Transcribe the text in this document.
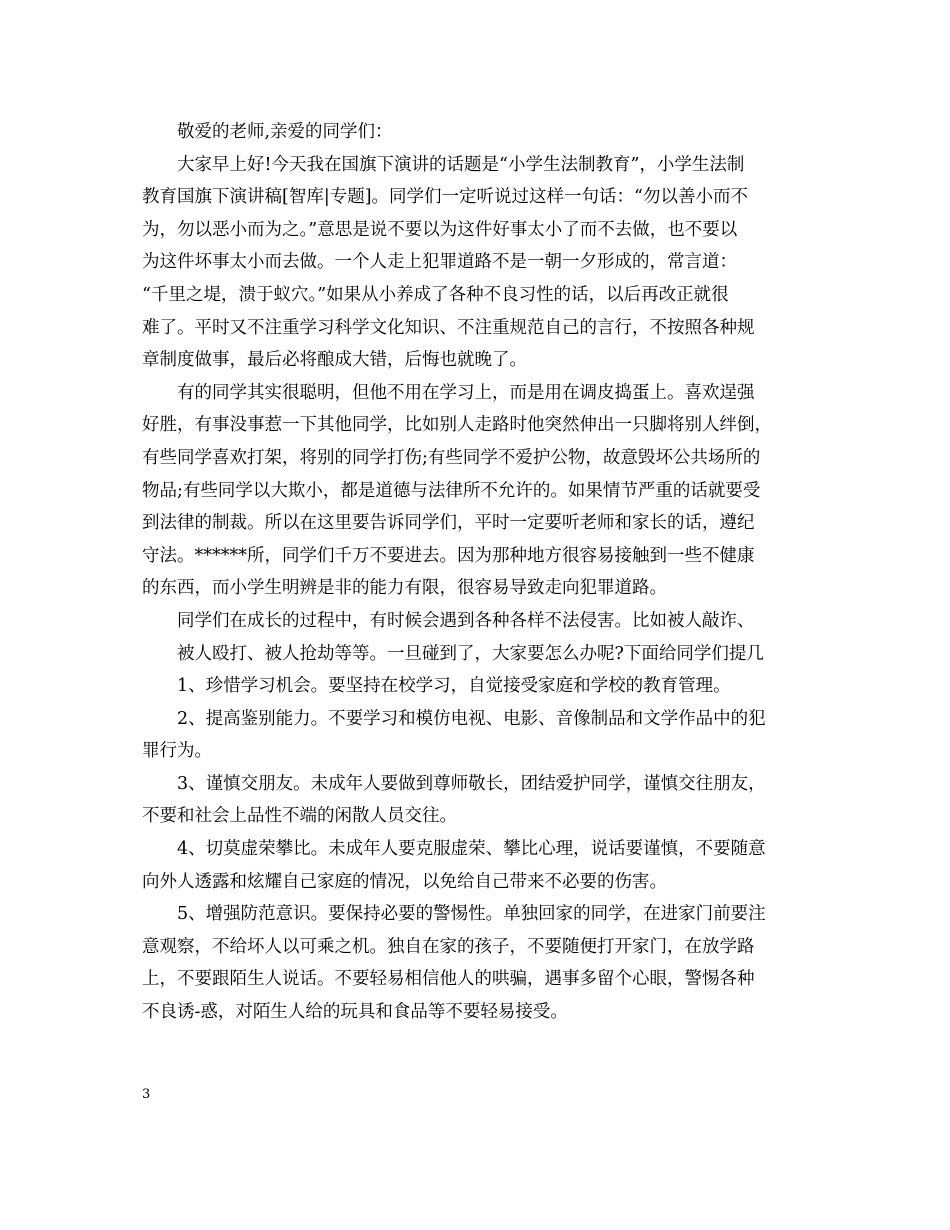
敬爱的老师,亲爱的同学们：
大家早上好!今天我在国旗下演讲的话题是“小学生法制教育”，小学生法制
教育国旗下演讲稿[智库|专题]。同学们一定听说过这样一句话：“勿以善小而不
为，勿以恶小而为之。”意思是说不要以为这件好事太小了而不去做，也不要以
为这件坏事太小而去做。一个人走上犯罪道路不是一朝一夕形成的，常言道：
“千里之堤，溃于蚁穴。”如果从小养成了各种不良习性的话，以后再改正就很
难了。平时又不注重学习科学文化知识、不注重规范自己的言行，不按照各种规
章制度做事，最后必将酿成大错，后悔也就晚了。
有的同学其实很聪明，但他不用在学习上，而是用在调皮捣蛋上。喜欢逞强
好胜，有事没事惹一下其他同学，比如别人走路时他突然伸出一只脚将别人绊倒，
有些同学喜欢打架，将别的同学打伤;有些同学不爱护公物，故意毁坏公共场所的
物品;有些同学以大欺小，都是道德与法律所不允许的。如果情节严重的话就要受
到法律的制裁。所以在这里要告诉同学们，平时一定要听老师和家长的话，遵纪
守法。******所，同学们千万不要进去。因为那种地方很容易接触到一些不健康
的东西，而小学生明辨是非的能力有限，很容易导致走向犯罪道路。
同学们在成长的过程中，有时候会遇到各种各样不法侵害。比如被人敲诈、
被人殴打、被人抢劫等等。一旦碰到了，大家要怎么办呢?下面给同学们提几
1、珍惜学习机会。要坚持在校学习，自觉接受家庭和学校的教育管理。
2、提高鉴别能力。不要学习和模仿电视、电影、音像制品和文学作品中的犯
罪行为。
3、谨慎交朋友。未成年人要做到尊师敬长，团结爱护同学，谨慎交往朋友，
不要和社会上品性不端的闲散人员交往。
4、切莫虚荣攀比。未成年人要克服虚荣、攀比心理，说话要谨慎，不要随意
向外人透露和炫耀自己家庭的情况，以免给自己带来不必要的伤害。
5、增强防范意识。要保持必要的警惕性。单独回家的同学，在进家门前要注
意观察，不给坏人以可乘之机。独自在家的孩子，不要随便打开家门，在放学路
上，不要跟陌生人说话。不要轻易相信他人的哄骗，遇事多留个心眼，警惕各种
不良诱-惑，对陌生人给的玩具和食品等不要轻易接受。
3
